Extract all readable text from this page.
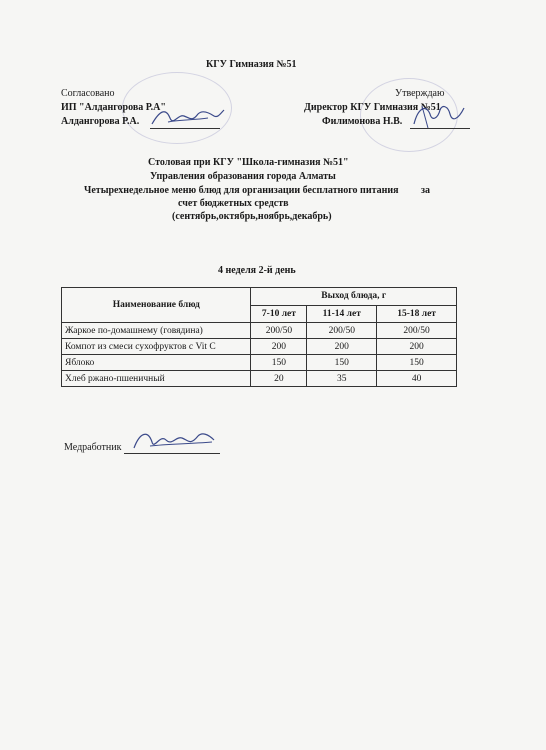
КГУ Гимназия №51
Согласовано
ИП "Алдангорова Р.А"
Алдангорова Р.А.
Утверждаю
Директор КГУ Гимназия №51
Филимонова Н.В.
Столовая при КГУ "Школа-гимназия №51"
Управления образования города Алматы
Четырехнедельное меню блюд для организации бесплатного питания за
счет бюджетных средств
(сентябрь,октябрь,ноябрь,декабрь)
4 неделя 2-й день
Наименование блюд	Выход блюда, г		
	7-10 лет	11-14 лет	15-18 лет
Жаркое по-домашнему (говядина)	200/50	200/50	200/50
Компот из смеси сухофруктов с Vit C	200	200	200
Яблоко	150	150	150
Хлеб ржано-пшеничный	20	35	40
Медработник
